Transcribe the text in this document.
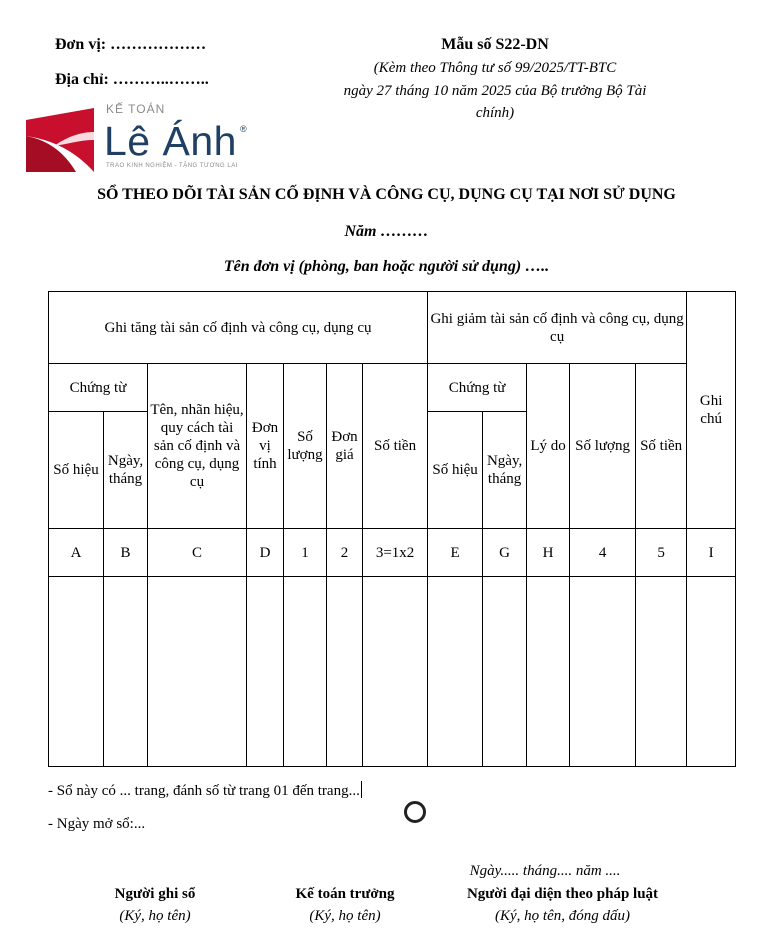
Đơn vị: ………………
Địa chỉ: ………..……..
Mẫu số S22-DN
(Kèm theo Thông tư số 99/2025/TT-BTC
ngày 27 tháng 10 năm 2025 của Bộ trưởng Bộ Tài
chính)
KẾ TOÁN
Lê Ánh ®
TRAO KINH NGHIỆM - TẶNG TƯƠNG LAI
SỔ THEO DÕI TÀI SẢN CỐ ĐỊNH VÀ CÔNG CỤ, DỤNG CỤ TẠI NƠI SỬ DỤNG
Năm ………
Tên đơn vị (phòng, ban hoặc người sử dụng) …..
Ghi tăng tài sản cố định và công cụ, dụng cụ							Ghi giảm tài sản cố định và công cụ, dụng cụ					Ghi chú
Chứng từ		Tên, nhãn hiệu, quy cách tài sản cố định và công cụ, dụng cụ	Đơn vị tính	Số lượng	Đơn giá	Số tiền	Chứng từ		Lý do	Số lượng	Số tiền	
Số hiệu	Ngày, tháng						Số hiệu	Ngày, tháng				
A	B	C	D	1	2	3=1x2	E	G	H	4	5	I

- Sổ này có ... trang, đánh số từ trang 01 đến trang...
- Ngày mở sổ:...
Ngày..... tháng.... năm ....
Người ghi sổ
(Ký, họ tên)
Kế toán trưởng
(Ký, họ tên)
Người đại diện theo pháp luật
(Ký, họ tên, đóng dấu)
